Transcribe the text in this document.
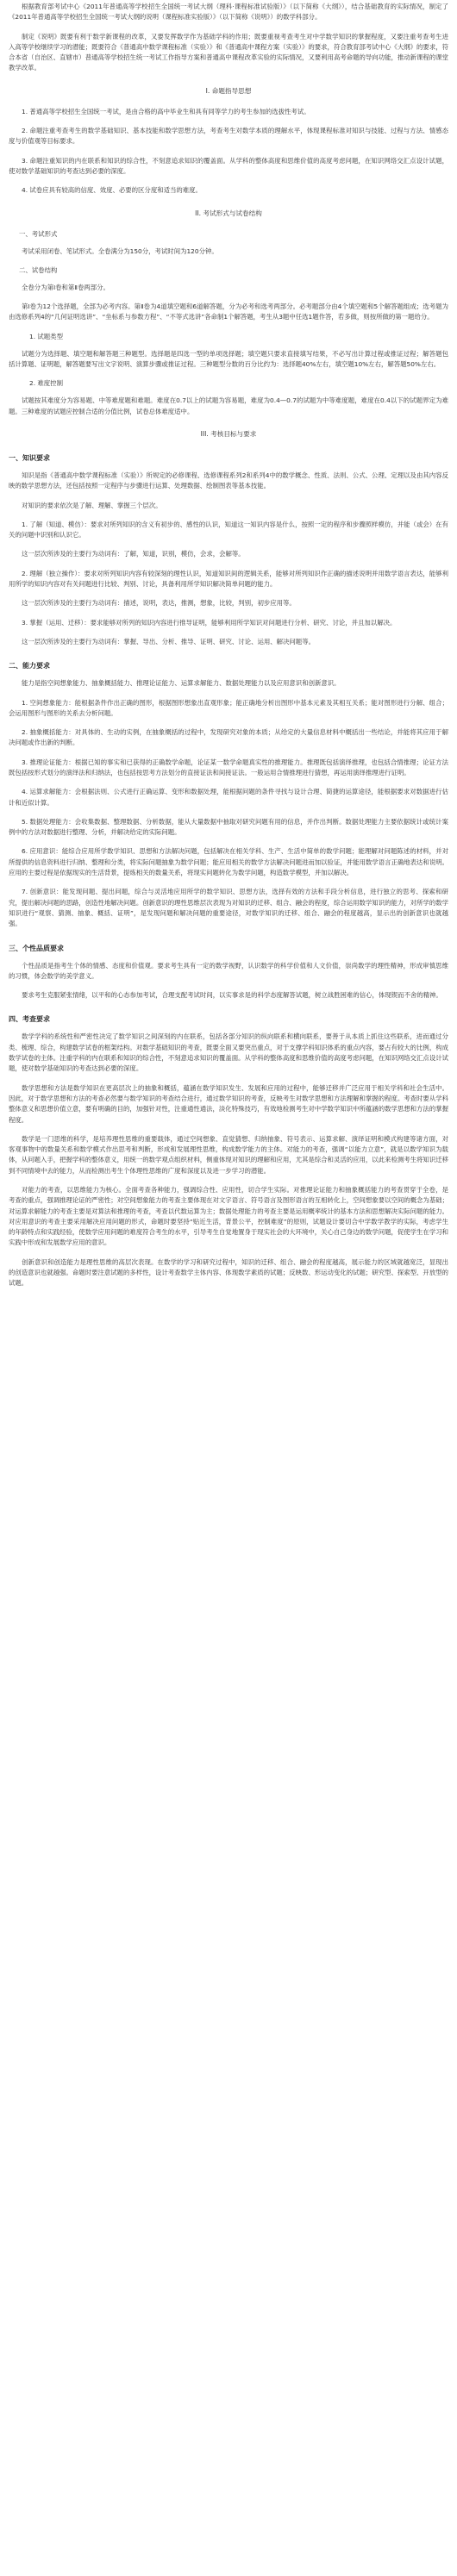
根据教育部考试中心《2011年普通高等学校招生全国统一考试大纲（理科·课程标准试验版）》（以下简称《大纲》），结合基础教育的实际情况，制定了《2011年普通高等学校招生全国统一考试大纲的说明（课程标准实验版）》（以下简称《说明》）的数学科部分。
制定《说明》既要有利于数学新课程的改革，又要发挥数学作为基础学科的作用；既要重视考查考生对中学数学知识的掌握程度，又要注重考查考生进入高等学校继续学习的潜能；既要符合《普通高中数学课程标准（实验）》和《普通高中课程方案（实验）》的要求，符合教育部考试中心《大纲》的要求，符合本省（自治区、直辖市）普通高等学校招生统一考试工作指导方案和普通高中课程改革实验的实际情况，又要利用高考命题的导向功能，推动新课程的课堂教学改革。
I. 命题指导思想
1. 普通高等学校招生全国统一考试，是由合格的高中毕业生和具有同等学力的考生参加的选拔性考试。
2. 命题注重考查考生的数学基础知识、基本技能和数学思想方法，考查考生对数学本质的理解水平，体现课程标准对知识与技能、过程与方法、情感态度与价值观等目标要求。
3. 命题注重知识的内在联系和知识的综合性，不刻意追求知识的覆盖面。从学科的整体高度和思维价值的高度考虑问题，在知识网络交汇点设计试题，使对数学基础知识的考查达到必要的深度。
4. 试卷应具有较高的信度、效度、必要的区分度和适当的难度。
II. 考试形式与试卷结构
一、考试形式
考试采用闭卷、笔试形式。全卷满分为150分，考试时间为120分钟。
二、试卷结构
全卷分为第Ⅰ卷和第Ⅱ卷两部分。
第Ⅰ卷为12个选择题，全部为必考内容。第Ⅱ卷为4道填空题和6道解答题，分为必考和选考两部分。必考题部分由4个填空题和5个解答题组成；选考题为由选修系列4的“几何证明选讲”、“坐标系与参数方程”、“不等式选讲”各命制1个解答题，考生从3题中任选1题作答，若多做，则按所做的第一题给分。
1. 试题类型
试题分为选择题、填空题和解答题三种题型。选择题是四选一型的单项选择题；填空题只要求直接填写结果，不必写出计算过程或推证过程；解答题包括计算题、证明题，解答题要写出文字说明、演算步骤或推证过程。三种题型分数的百分比约为：选择题40%左右，填空题10%左右，解答题50%左右。
2. 难度控制
试题按其难度分为容易题、中等难度题和难题。难度在0.7以上的试题为容易题，难度为0.4—0.7的试题为中等难度题，难度在0.4以下的试题界定为难题。三种难度的试题应控制合适的分值比例，试卷总体难度适中。
III. 考核目标与要求
一、知识要求
知识是指《普通高中数学课程标准（实验）》所规定的必修课程、选修课程系列2和系列4中的数学概念、性质、法则、公式、公理、定理以及由其内容反映的数学思想方法，还包括按照一定程序与步骤进行运算、处理数据、绘制图表等基本技能。
对知识的要求依次是了解、理解、掌握三个层次。
1. 了解（知道、模仿）：要求对所列知识的含义有初步的、感性的认识，知道这一知识内容是什么，按照一定的程序和步骤照样模仿，并能（或会）在有关的问题中识别和认识它。
这一层次所涉及的主要行为动词有：了解，知道，识别，模仿，会求，会解等。
2. 理解（独立操作）：要求对所列知识内容有较深刻的理性认识，知道知识间的逻辑关系，能够对所列知识作正确的描述说明并用数学语言表达，能够利用所学的知识内容对有关问题进行比较、判别、讨论，具备利用所学知识解决简单问题的能力。
这一层次所涉及的主要行为动词有：描述，说明，表达，推测，想象，比较，判别，初步应用等。
3. 掌握（运用、迁移）：要求能够对所列的知识内容进行推导证明，能够利用所学知识对问题进行分析、研究、讨论，并且加以解决。
这一层次所涉及的主要行为动词有：掌握、导出、分析、推导、证明、研究、讨论、运用、解决问题等。
二、能力要求
能力是指空间想象能力、抽象概括能力、推理论证能力、运算求解能力、数据处理能力以及应用意识和创新意识。
1. 空间想象能力：能根据条件作出正确的图形，根据图形想象出直观形象；能正确地分析出图形中基本元素及其相互关系；能对图形进行分解、组合；会运用图形与图形的关系去分析问题。
2. 抽象概括能力：对具体的、生动的实例，在抽象概括的过程中，发现研究对象的本质；从给定的大量信息材料中概括出一些结论，并能将其应用于解决问题或作出新的判断。
3. 推理论证能力：根据已知的事实和已获得的正确数学命题，论证某一数学命题真实性的推理能力。推理既包括演绎推理，也包括合情推理；论证方法既包括按形式划分的演绎法和归纳法，也包括按思考方法划分的直接证法和间接证法。一般运用合情推理进行猜想，再运用演绎推理进行证明。
4. 运算求解能力：会根据法则、公式进行正确运算、变形和数据处理，能根据问题的条件寻找与设计合理、简捷的运算途径，能根据要求对数据进行估计和近似计算。
5. 数据处理能力：会收集数据、整理数据、分析数据，能从大量数据中抽取对研究问题有用的信息，并作出判断。数据处理能力主要依据统计或统计案例中的方法对数据进行整理、分析，并解决给定的实际问题。
6. 应用意识：能综合应用所学数学知识、思想和方法解决问题，包括解决在相关学科、生产、生活中简单的数学问题；能理解对问题陈述的材料，并对所提供的信息资料进行归纳、整理和分类，将实际问题抽象为数学问题；能应用相关的数学方法解决问题进而加以验证，并能用数学语言正确地表达和说明。应用的主要过程是依据现实的生活背景，提炼相关的数量关系，将现实问题转化为数学问题，构造数学模型，并加以解决。
7. 创新意识：能发现问题、提出问题，综合与灵活地应用所学的数学知识、思想方法，选择有效的方法和手段分析信息，进行独立的思考、探索和研究，提出解决问题的思路，创造性地解决问题。创新意识的理性思维层次表现为对知识的迁移、组合、融会的程度，综合运用数学知识的能力，对所学的数学知识进行“观察、猜测、抽象、概括、证明”，是发现问题和解决问题的重要途径，对数学知识的迁移、组合、融会的程度越高，显示出的创新意识也就越强。
三、个性品质要求
个性品质是指考生个体的情感、态度和价值观。要求考生具有一定的数学视野，认识数学的科学价值和人文价值，崇尚数学的理性精神，形成审慎思维的习惯，体会数学的美学意义。
要求考生克服紧张情绪，以平和的心态参加考试，合理支配考试时间，以实事求是的科学态度解答试题，树立战胜困难的信心，体现锲而不舍的精神。
四、考查要求
数学学科的系统性和严密性决定了数学知识之间深刻的内在联系，包括各部分知识的纵向联系和横向联系，要善于从本质上抓住这些联系，进而通过分类、梳理、综合，构建数学试卷的框架结构。对数学基础知识的考查，既要全面又要突出重点，对于支撑学科知识体系的重点内容，要占有较大的比例，构成数学试卷的主体。注重学科的内在联系和知识的综合性，不刻意追求知识的覆盖面。从学科的整体高度和思维价值的高度考虑问题，在知识网络交汇点设计试题，使对数学基础知识的考查达到必要的深度。
数学思想和方法是数学知识在更高层次上的抽象和概括，蕴涵在数学知识发生、发展和应用的过程中，能够迁移并广泛应用于相关学科和社会生活中。因此，对于数学思想和方法的考查必然要与数学知识的考查结合进行，通过数学知识的考查，反映考生对数学思想和方法理解和掌握的程度。考查时要从学科整体意义和思想价值立意，要有明确的目的，加强针对性，注重通性通法，淡化特殊技巧，有效地检测考生对中学数学知识中所蕴涵的数学思想和方法的掌握程度。
数学是一门思维的科学，是培养理性思维的重要载体，通过空间想象、直觉猜想、归纳抽象、符号表示、运算求解、演绎证明和模式构建等诸方面，对客观事物中的数量关系和数学模式作出思考和判断，形成和发展理性思维，构成数学能力的主体。对能力的考查，强调“以能力立意”，就是以数学知识为载体，从问题入手，把握学科的整体意义，用统一的数学观点组织材料，侧重体现对知识的理解和应用，尤其是综合和灵活的应用，以此来检测考生将知识迁移到不同情境中去的能力，从而检测出考生个体理性思维的广度和深度以及进一步学习的潜能。
对能力的考查，以思维能力为核心。全面考查各种能力，强调综合性、应用性，切合学生实际。对推理论证能力和抽象概括能力的考查贯穿于全卷，是考查的重点，强调推理论证的严密性；对空间想象能力的考查主要体现在对文字语言、符号语言及图形语言的互相转化上，空间想象要以空间的概念为基础；对运算求解能力的考查主要是对算法和推理的考查，考查以代数运算为主；数据处理能力的考查主要是运用概率统计的基本方法和思想解决实际问题的能力。对应用意识的考查主要采用解决应用问题的形式，命题时要坚持“贴近生活，背景公平，控制难度”的原则，试题设计要切合中学数学教学的实际，考虑学生的年龄特点和实践经验，使数学应用问题的难度符合考生的水平，引导考生自觉地置身于现实社会的大环境中，关心自己身边的数学问题，促使学生在学习和实践中形成和发展数学应用的意识。
创新意识和创造能力是理性思维的高层次表现。在数学的学习和研究过程中，知识的迁移、组合、融会的程度越高，展示能力的区域就越宽泛，显现出的创造意识也就越强。命题时要注意试题的多样性，设计考查数学主体内容、体现数学素质的试题；反映数、形运动变化的试题；研究型、探索型、开放型的试题。
